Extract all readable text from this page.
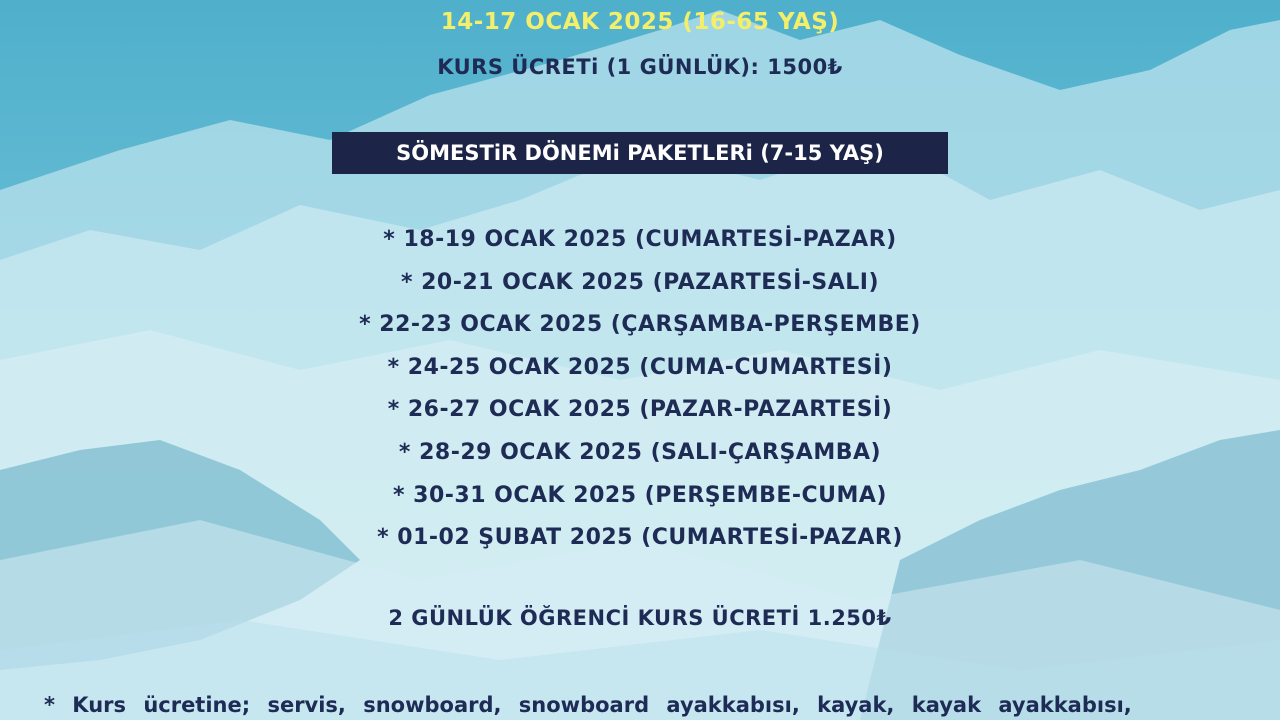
14-17 OCAK 2025 (16-65 YAŞ)
KURS ÜCRETi (1 GÜNLÜK): 1500₺
SÖMESTiR DÖNEMi PAKETLERi (7-15 YAŞ)
* 18-19 OCAK 2025 (CUMARTESİ-PAZAR)
* 20-21 OCAK 2025 (PAZARTESİ-SALI)
* 22-23 OCAK 2025 (ÇARŞAMBA-PERŞEMBE)
* 24-25 OCAK 2025 (CUMA-CUMARTESİ)
* 26-27 OCAK 2025 (PAZAR-PAZARTESİ)
* 28-29 OCAK 2025 (SALI-ÇARŞAMBA)
* 30-31 OCAK 2025 (PERŞEMBE-CUMA)
* 01-02 ŞUBAT 2025 (CUMARTESİ-PAZAR)
2 GÜNLÜK ÖĞRENCİ KURS ÜCRETİ 1.250₺
* Kurs ücretine; servis, snowboard, snowboard ayakkabısı, kayak, kayak ayakkabısı,
